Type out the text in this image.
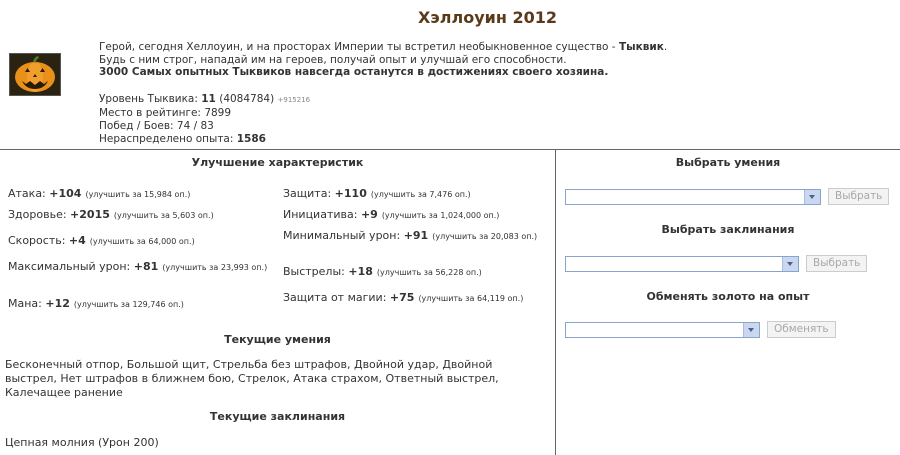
Хэллоуин 2012
Герой, сегодня Хеллоуин, и на просторах Империи ты встретил необыкновенное существо - Тыквик.
Будь с ним строг, нападай им на героев, получай опыт и улучшай его способности.
3000 Самых опытных Тыквиков навсегда останутся в достижениях своего хозяина.
Уровень Тыквика: 11 (4084784) +915216
Место в рейтинге: 7899
Побед / Боев: 74 / 83
Нераспределено опыта: 1586
Улучшение характеристик
Атака: +104 (улучшить за 15,984 оп.)
Здоровье: +2015 (улучшить за 5,603 оп.)
Скорость: +4 (улучшить за 64,000 оп.)
Максимальный урон: +81 (улучшить за 23,993 оп.)
Мана: +12 (улучшить за 129,746 оп.)
Защита: +110 (улучшить за 7,476 оп.)
Инициатива: +9 (улучшить за 1,024,000 оп.)
Минимальный урон: +91 (улучшить за 20,083 оп.)
Выстрелы: +18 (улучшить за 56,228 оп.)
Защита от магии: +75 (улучшить за 64,119 оп.)
Текущие умения
Бесконечный отпор, Большой щит, Стрельба без штрафов, Двойной удар, Двойной выстрел, Нет штрафов в ближнем бою, Стрелок, Атака страхом, Ответный выстрел, Калечащее ранение
Текущие заклинания
Цепная молния (Урон 200)
Выбрать умения
Выбрать
Выбрать заклинания
Выбрать
Обменять золото на опыт
Обменять
